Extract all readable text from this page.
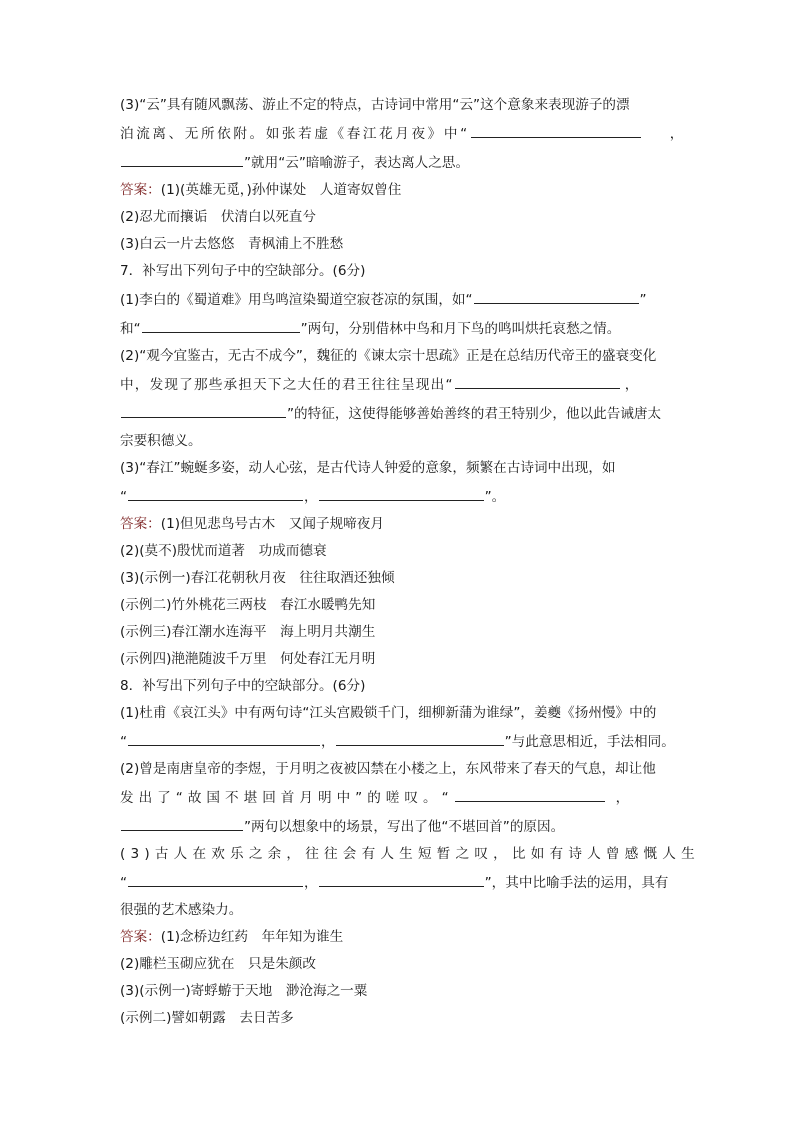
(3)“云”具有随风飘荡、游止不定的特点，古诗词中常用“云”这个意象来表现游子的漂

泊流离、无所依附。如张若虚《春江花月夜》中“	，

”就用“云”暗喻游子，表达离人之思。

答案：(1)(英雄无觅，)孙仲谋处　人道寄奴曾住

(2)忍尤而攘诟　伏清白以死直兮

(3)白云一片去悠悠　青枫浦上不胜愁

7．补写出下列句子中的空缺部分。(6分)

(1)李白的《蜀道难》用鸟鸣渲染蜀道空寂苍凉的氛围，如“	”

和“	”两句，分别借林中鸟和月下鸟的鸣叫烘托哀愁之情。

(2)“观今宜鉴古，无古不成今”，魏征的《谏太宗十思疏》正是在总结历代帝王的盛衰变化

中，发现了那些承担天下之大任的君王往往呈现出“	，

”的特征，这使得能够善始善终的君王特别少，他以此告诫唐太

宗要积德义。

(3)“春江”蜿蜒多姿，动人心弦，是古代诗人钟爱的意象，频繁在古诗词中出现，如

“	，	”。

答案：(1)但见悲鸟号古木　又闻子规啼夜月

(2)(莫不)殷忧而道著　功成而德衰

(3)(示例一)春江花朝秋月夜　往往取酒还独倾

(示例二)竹外桃花三两枝　春江水暖鸭先知

(示例三)春江潮水连海平　海上明月共潮生

(示例四)滟滟随波千万里　何处春江无月明

8．补写出下列句子中的空缺部分。(6分)

(1)杜甫《哀江头》中有两句诗“江头宫殿锁千门，细柳新蒲为谁绿”，姜夔《扬州慢》中的

“	，	”与此意思相近，手法相同。

(2)曾是南唐皇帝的李煜，于月明之夜被囚禁在小楼之上，东风带来了春天的气息，却让他

发出了“故国不堪回首月明中”的嗟叹。“	，

”两句以想象中的场景，写出了他“不堪回首”的原因。

(3)古人在欢乐之余，往往会有人生短暂之叹，比如有诗人曾感慨人生

“	，	”，其中比喻手法的运用，具有

很强的艺术感染力。

答案：(1)念桥边红药　年年知为谁生

(2)雕栏玉砌应犹在　只是朱颜改

(3)(示例一)寄蜉蝣于天地　渺沧海之一粟

(示例二)譬如朝露　去日苦多
